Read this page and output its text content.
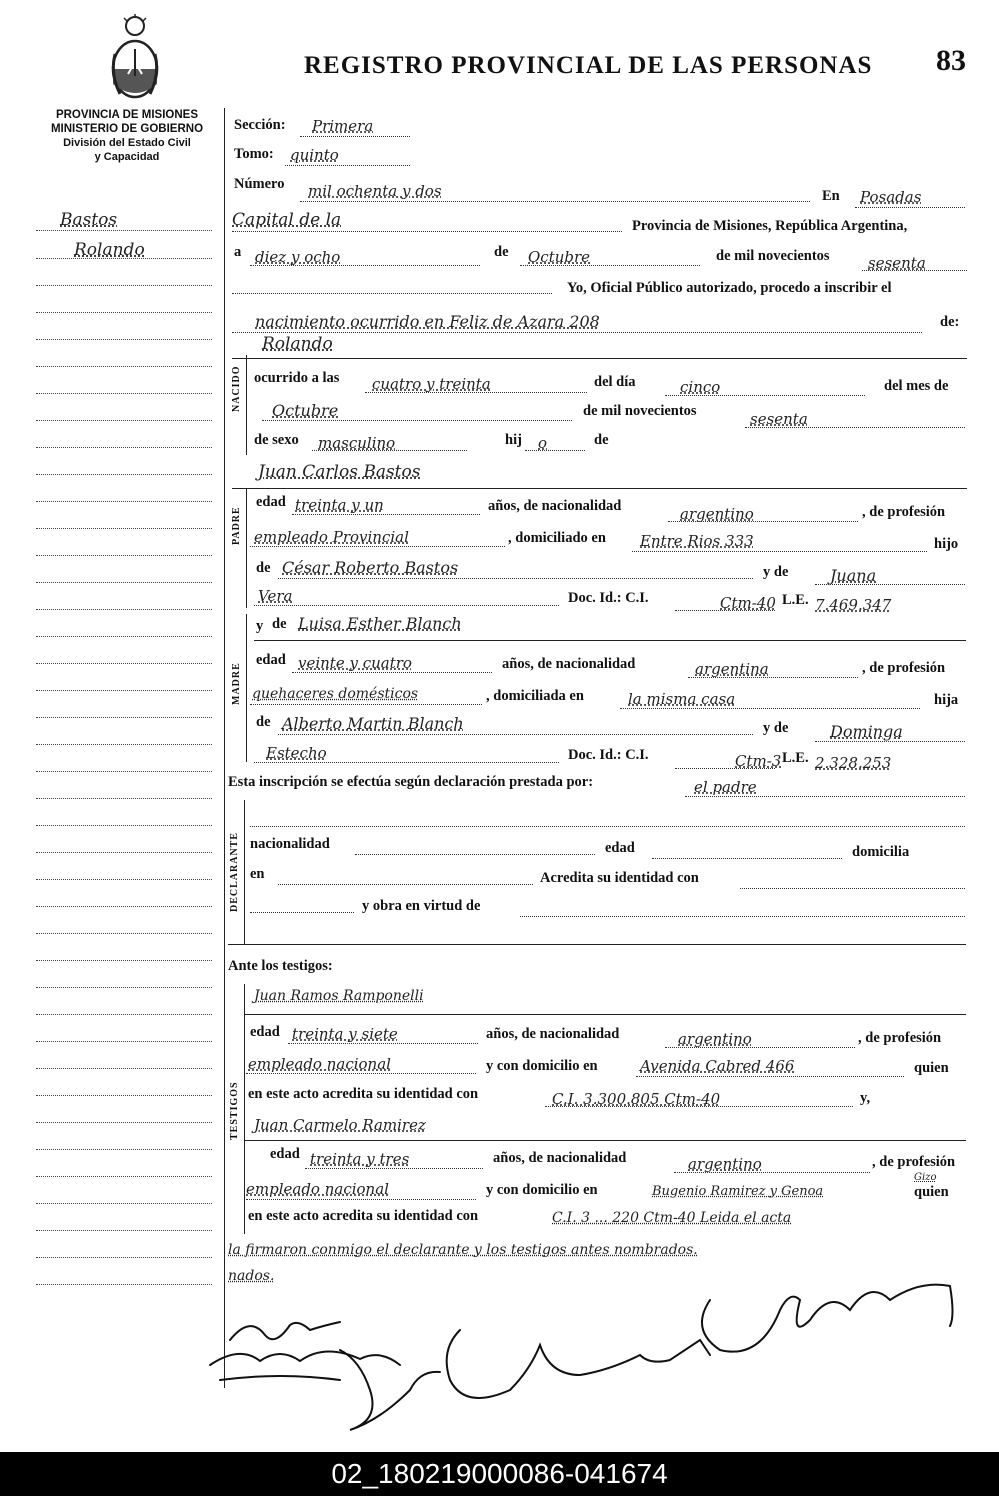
PROVINCIA DE MISIONES
MINISTERIO DE GOBIERNO
División del Estado Civil
y Capacidad
REGISTRO PROVINCIAL DE LAS PERSONAS 83
Bastos
Rolando
Sección: Primera
Tomo: quinto
Número mil ochenta y dos	En Posadas
Capital de la	Provincia de Misiones, República Argentina,
a diez y ocho	de Octubre	de mil novecientos	sesenta
Yo, Oficial Público autorizado, procedo a inscribir el
nacimiento ocurrido en Feliz de Azara 208	de:
NACIDO
Rolando
ocurrido a las cuatro y treinta	del día	cinco	del mes de
Octubre	de mil novecientos	sesenta
de sexo masculino	hij o	de
PADRE
Juan Carlos Bastos
edad treinta y un	años, de nacionalidad	argentino	, de profesión
empleado Provincial	, domiciliado en Entre Rios 333	hijo
de César Roberto Bastos	y de	Juana
Vera	Doc. Id.: C.I.	Ctm-40 L.E. 7.469.347
MADRE
y de Luisa Esther Blanch
edad veinte y cuatro	años, de nacionalidad	argentina	, de profesión
quehaceres domésticos	, domiciliada en	la misma casa	hija
de Alberto Martin Blanch	y de	Dominga
Estecho	Doc. Id.: C.I.	Ctm-3 L.E. 2.328.253
Esta inscripción se efectúa según declaración prestada por:	el padre
DECLARANTE nacionalidad	edad	domicilia
en	Acredita su identidad con
y obra en virtud de
Ante los testigos:
TESTIGOS
Juan Ramos Ramponelli
edad treinta y siete	años, de nacionalidad	argentino	, de profesión
empleado nacional	y con domicilio en	Avenida Cabred 466	quien
en este acto acredita su identidad con	C.I. 3.300.805 Ctm-40	y,
Juan Carmelo Ramirez
edad treinta y tres	años, de nacionalidad	argentino	, de profesión
empleado nacional	y con domicilio en	Bugenio Ramirez y Genoa
Gizo
quien
en este acto acredita su identidad con	C.I. 3 ... 220 Ctm-40 Leida el acta
la firmaron conmigo el declarante y los testigos antes nombrados.
nados.
02_180219000086-041674
